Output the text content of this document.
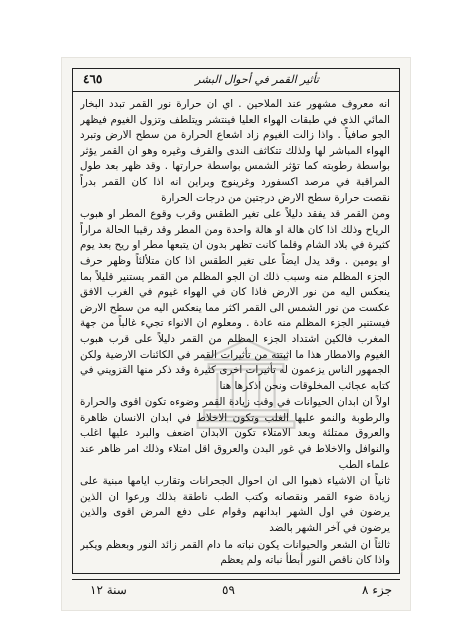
تأثير القمر في أحوال البشر
٤٦٥

انه معروف مشهور عند الملاحين . اي ان حرارة نور القمر تبدد البخار المائي الذي في طبقات الهواء العليا فينتشر ويتلطف وتزول الغيوم فيظهر الجو صافياً . واذا زالت الغيوم زاد اشعاع الحرارة من سطح الارض وتبرد الهواء المباشر لها ولذلك تتكاثف الندى والقرف وغيره وهو ان القمر يؤثر بواسطة رطوبته كما تؤثر الشمس بواسطة حرارتها . وقد ظهر بعد طول المراقبة في مرصد اكسفورد وغرينوج وبراين انه اذا كان القمر بدراً نقصت حرارة سطح الارض درجتين من درجات الحرارة

ومن القمر قد يفقد دليلاً على تغير الطقس وقرب وقوع المطر او هبوب الرياح وذلك اذا كان هالة او هالة واحدة ومن المطر وقد رقيبا الحالة مراراً كثيرة في بلاد الشام وقلما كانت تظهر بدون ان يتبعها مطر او ريح بعد يوم او يومين . وقد يدل ايضاً على تغير الطقس اذا كان متلألئاً وظهر حرف الجزء المظلم منه وسبب ذلك ان الجو المظلم من القمر يستنير قليلاً بما ينعكس اليه من نور الارض فاذا كان في الهواء غيوم في الغرب الافق عكست من نور الشمس الى القمر اكثر مما ينعكس اليه من سطح الارض فيستنير الجزء المظلم منه عادة . ومعلوم ان الانواء تجيء غالباً من جهة المغرب فالكين اشتداد الجزء المظلم من القمر دليلاً على قرب هبوب الغيوم والامطار هذا ما اثبتته من تأثيرات القمر في الكائنات الارضية ولكن الجمهور الناس يزعمون له تأثيرات اخرى كثيرة وقد ذكر منها القزويني في كتابه عجائب المخلوقات ونحن اذكرها هنا

اولاً ان ابدان الحيوانات في وقت زيادة القمر وضوءه تكون اقوى والحرارة والرطوبة والنمو عليها الغلب وتكون الاخلاط في ابدان الانسان ظاهرة والعروق ممتلئة وبعد الامتلاء تكون الابدان اضعف والبرد عليها اغلب والنوافل والاخلاط في غور البدن والعروق اقل امتلاء وذلك امر ظاهر عند علماء الطب

ثانياً ان الاشياء ذهبوا الى ان احوال الجحرانات وتقارب ايامها مبنية على زيادة ضوء القمر ونقصانه وكتب الطب ناطقة بذلك ورعوا ان الذين يرضون في اول الشهر ابدانهم وقوام على دفع المرض اقوى والذين يرضون في آخر الشهر بالضد

ثالثاً ان الشعر والحيوانات يكون نباته ما دام القمر زائد النور وبعظم ويكبر واذا كان ناقص النور أبطأ نباته ولم يعظم

جزء ٨
٥٩
سنة ١٢
